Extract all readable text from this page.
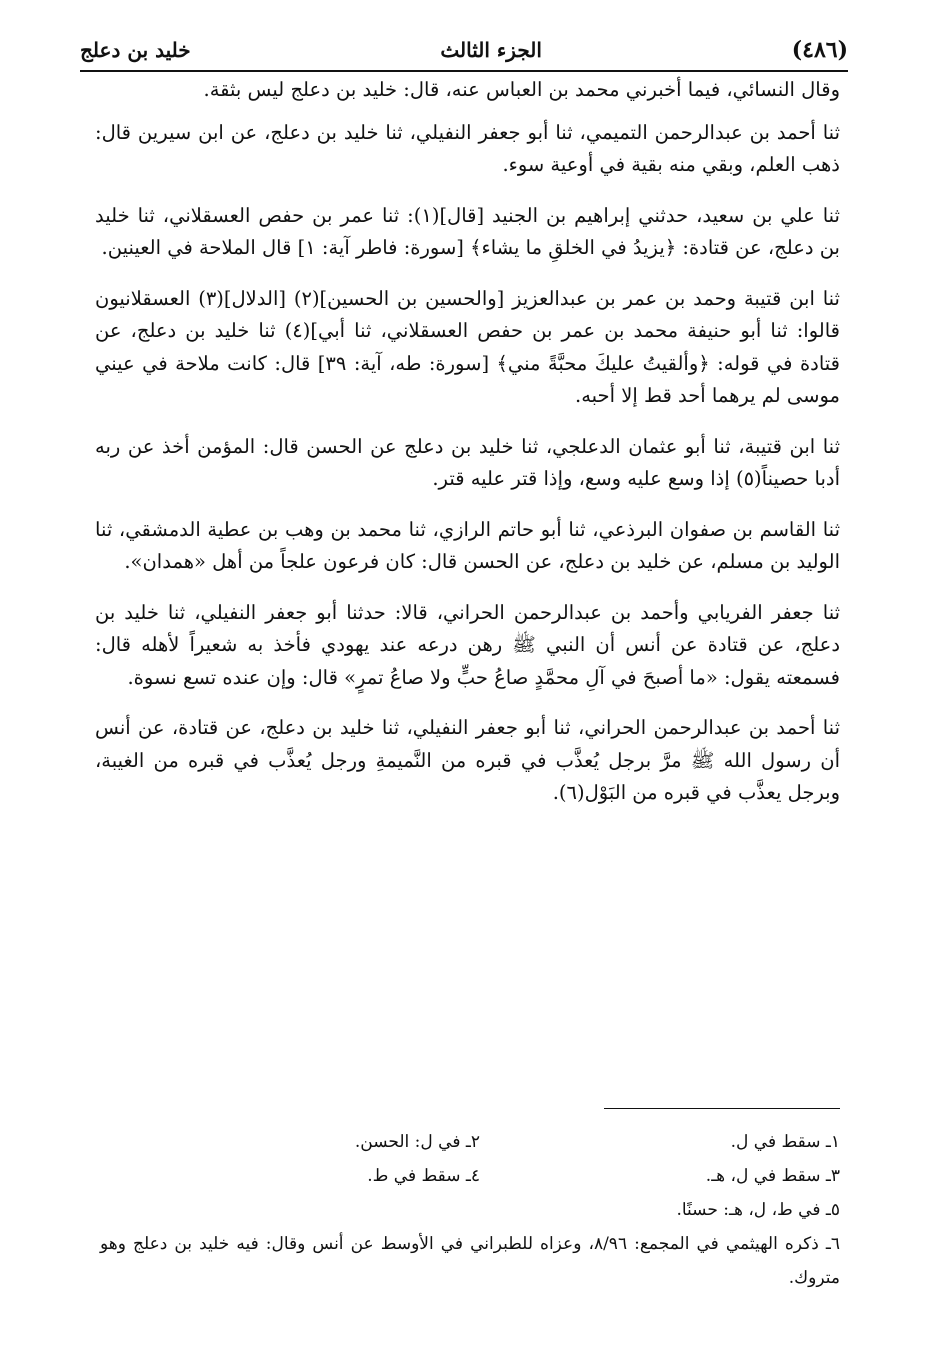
(٤٨٦)
الجزء الثالث
خليد بن دعلج

وقال النسائي، فيما أخبرني محمد بن العباس عنه، قال: خليد بن دعلج ليس بثقة.

ثنا أحمد بن عبدالرحمن التميمي، ثنا أبو جعفر النفيلي، ثنا خليد بن دعلج، عن ابن سيرين قال: ذهب العلم، وبقي منه بقية في أوعية سوء.

ثنا علي بن سعيد، حدثني إبراهيم بن الجنيد [قال](١): ثنا عمر بن حفص العسقلاني، ثنا خليد بن دعلج، عن قتادة: ﴿يزيدُ في الخلقِ ما يشاء﴾ [سورة: فاطر آية: ١] قال الملاحة في العينين.

ثنا ابن قتيبة وحمد بن عمر بن عبدالعزيز [والحسين بن الحسين](٢) [الدلال](٣) العسقلانيون قالوا: ثنا أبو حنيفة محمد بن عمر بن حفص العسقلاني، ثنا أبي](٤) ثنا خليد بن دعلج، عن قتادة في قوله: ﴿وألقيتُ عليكَ محبَّةً مني﴾ [سورة: طه، آية: ٣٩] قال: كانت ملاحة في عيني موسى لم يرهما أحد قط إلا أحبه.

ثنا ابن قتيبة، ثنا أبو عثمان الدعلجي، ثنا خليد بن دعلج عن الحسن قال: المؤمن أخذ عن ربه أدبا حصيناً(٥) إذا وسع عليه وسع، وإذا قتر عليه قتر.

ثنا القاسم بن صفوان البرذعي، ثنا أبو حاتم الرازي، ثنا محمد بن وهب بن عطية الدمشقي، ثنا الوليد بن مسلم، عن خليد بن دعلج، عن الحسن قال: كان فرعون علجاً من أهل «همدان».

ثنا جعفر الفريابي وأحمد بن عبدالرحمن الحراني، قالا: حدثنا أبو جعفر النفيلي، ثنا خليد بن دعلج، عن قتادة عن أنس أن النبي ﷺ رهن درعه عند يهودي فأخذ به شعيراً لأهله قال: فسمعته يقول: «ما أصبحَ في آلِ محمَّدٍ صاعُ حبٍّ ولا صاعُ تمرٍ» قال: وإن عنده تسع نسوة.

ثنا أحمد بن عبدالرحمن الحراني، ثنا أبو جعفر النفيلي، ثنا خليد بن دعلج، عن قتادة، عن أنس أن رسول الله ﷺ مرَّ برجل يُعذَّب في قبره من النَّميمةِ ورجل يُعذَّب في قبره من الغيبة، وبرجل يعذَّب في قبره من البَوْل(٦).

١ـ سقط في ل.
٢ـ في ل: الحسن.
٣ـ سقط في ل، هـ.
٤ـ سقط في ط.
٥ـ في ط، ل، هـ: حسنًا.
٦ـ ذكره الهيثمي في المجمع: ٨/٩٦، وعزاه للطبراني في الأوسط عن أنس وقال: فيه خليد بن دعلج وهو متروك.
